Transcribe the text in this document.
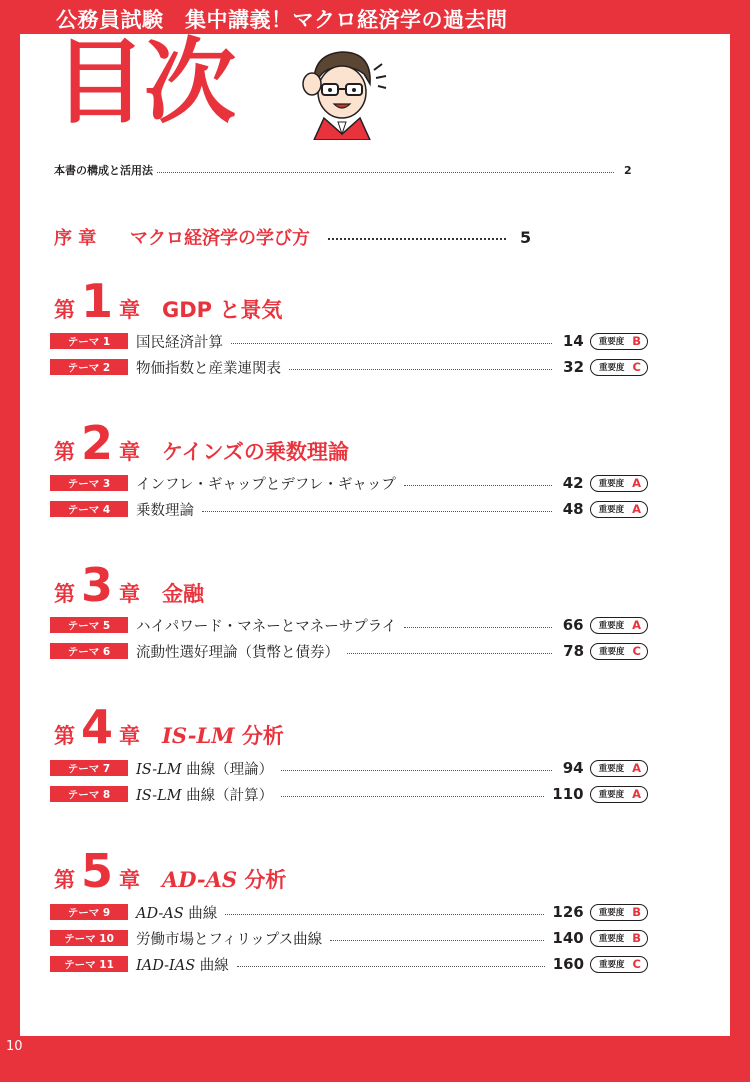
10
公務員試験　集中講義！マクロ経済学の過去問
目次
本書の構成と活用法	2
序 章	マクロ経済学の学び方	5
第 1 章 GDP と景気
テーマ 1	国民経済計算	14 重要度 B
テーマ 2	物価指数と産業連関表	32 重要度 C
第 2 章 ケインズの乗数理論
テーマ 3	インフレ・ギャップとデフレ・ギャップ	42 重要度 A
テーマ 4	乗数理論	48 重要度 A
第 3 章 金融
テーマ 5	ハイパワード・マネーとマネーサプライ	66 重要度 A
テーマ 6	流動性選好理論（貨幣と債券）	78 重要度 C
第 4 章 IS-LM 分析
テーマ 7	IS-LM 曲線（理論）	94 重要度 A
テーマ 8	IS-LM 曲線（計算）	110 重要度 A
第 5 章 AD-AS 分析
テーマ 9	AD-AS 曲線	126 重要度 B
テーマ 10	労働市場とフィリップス曲線	140 重要度 B
テーマ 11	IAD-IAS 曲線	160 重要度 C
